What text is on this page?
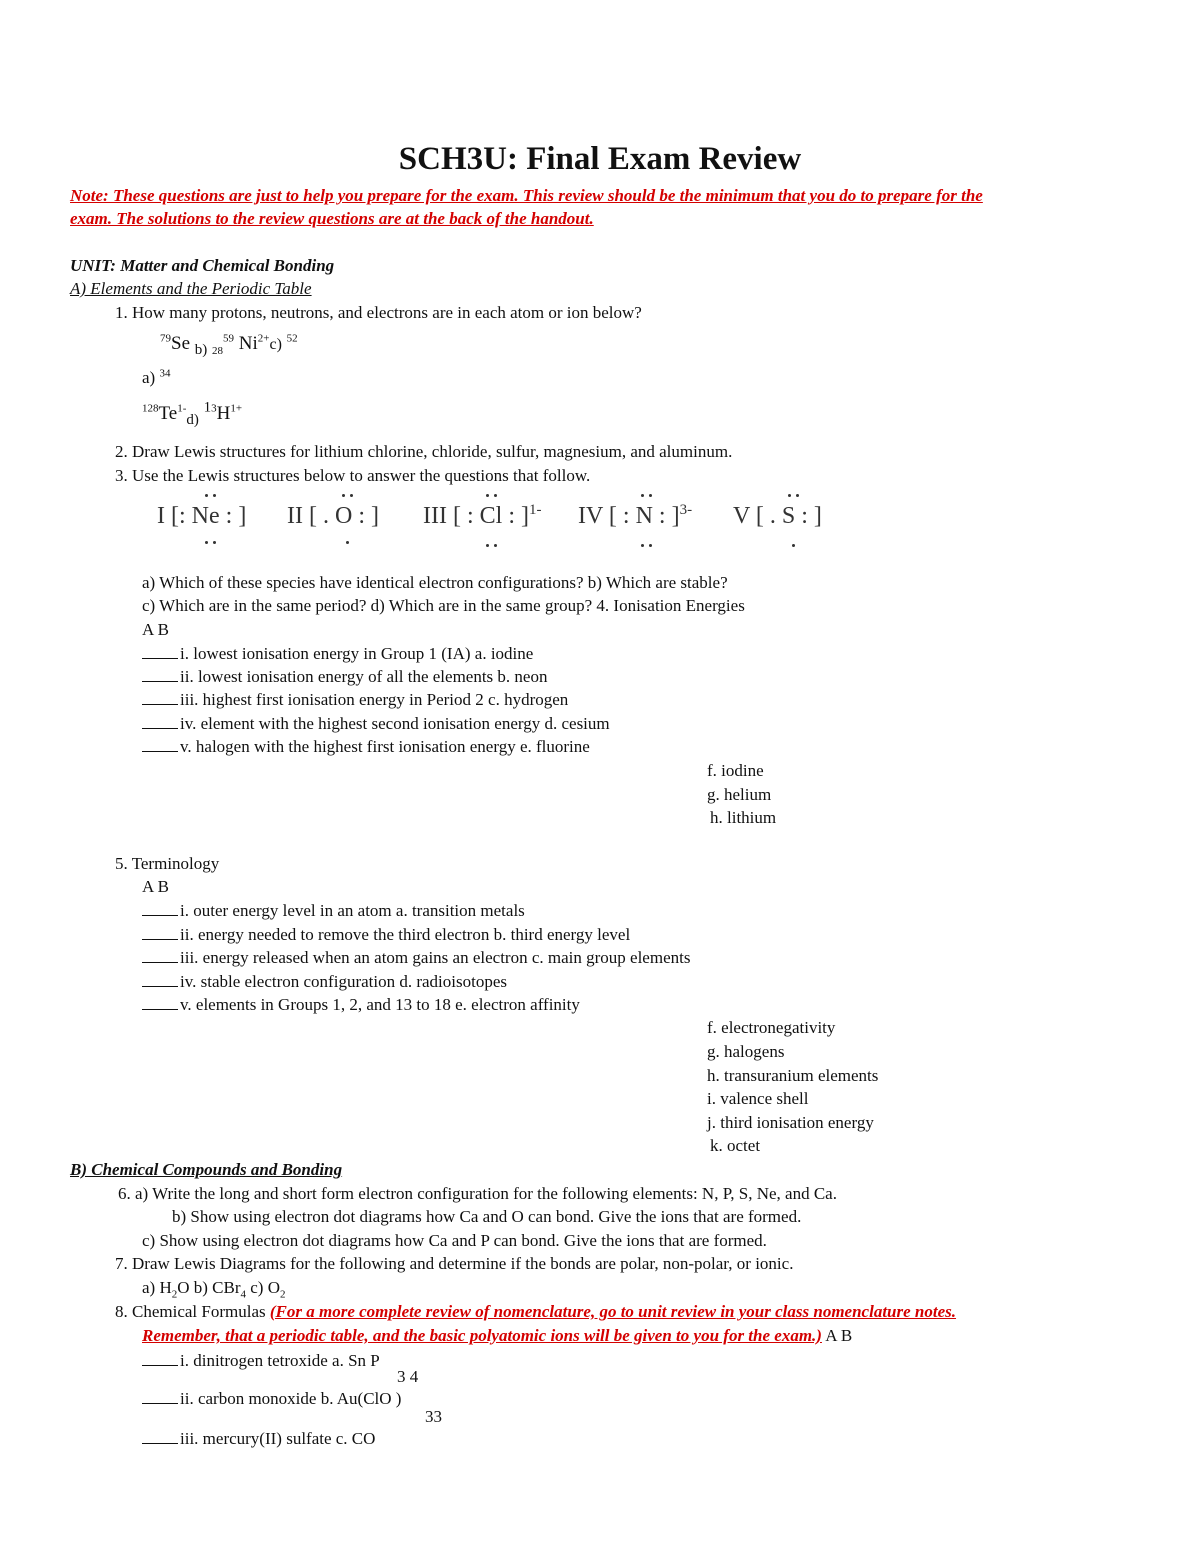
SCH3U: Final Exam Review
Note: These questions are just to help you prepare for the exam. This review should be the minimum that you do to prepare for the
exam. The solutions to the review questions are at the back of the handout.
UNIT: Matter and Chemical Bonding
A) Elements and the Periodic Table
1. How many protons, neutrons, and electrons are in each atom or ion below?
$^{79}$Se $_{b)}$ $_{28}^{59}$ $Ni^{2+}c$) $^{52}$
a) $^{34}$
$^{128}Te^{1-}_{d)}$ $^{13}H^{1+}$
2. Draw Lewis structures for lithium chlorine, chloride, sulfur, magnesium, and aluminum.
3. Use the Lewis structures below to answer the questions that follow.
I [: Ne : ] II [ . O : ] III [ : Cl : ]$^{1-}$ IV [ : N : ]$^{3-}$ V [ . S : ]
a) Which of these species have identical electron configurations? b) Which are stable?
c) Which are in the same period? d) Which are in the same group? 4. Ionisation Energies
A B
i. lowest ionisation energy in Group 1 (IA) a. iodine
ii. lowest ionisation energy of all the elements b. neon
iii. highest first ionisation energy in Period 2 c. hydrogen
iv. element with the highest second ionisation energy d. cesium
v. halogen with the highest first ionisation energy e. fluorine
f. iodine
g. helium
h. lithium
5. Terminology
A B
i. outer energy level in an atom a. transition metals
ii. energy needed to remove the third electron b. third energy level
iii. energy released when an atom gains an electron c. main group elements
iv. stable electron configuration d. radioisotopes
v. elements in Groups 1, 2, and 13 to 18 e. electron affinity
f. electronegativity
g. halogens
h. transuranium elements
i. valence shell
j. third ionisation energy
k. octet
B) Chemical Compounds and Bonding
6. a) Write the long and short form electron configuration for the following elements: N, P, S, Ne, and Ca.
b) Show using electron dot diagrams how Ca and O can bond. Give the ions that are formed.
c) Show using electron dot diagrams how Ca and P can bond. Give the ions that are formed.
7. Draw Lewis Diagrams for the following and determine if the bonds are polar, non-polar, or ionic.
a) $H_2O$ b) CBr$_4$ c) $O_2$
8. Chemical Formulas (For a more complete review of nomenclature, go to unit review in your class nomenclature notes.
Remember, that a periodic table, and the basic polyatomic ions will be given to you for the exam.) A B
i. dinitrogen tetroxide a. Sn P
3 4
ii. carbon monoxide b. Au(ClO )
33
iii. mercury(II) sulfate c. CO
